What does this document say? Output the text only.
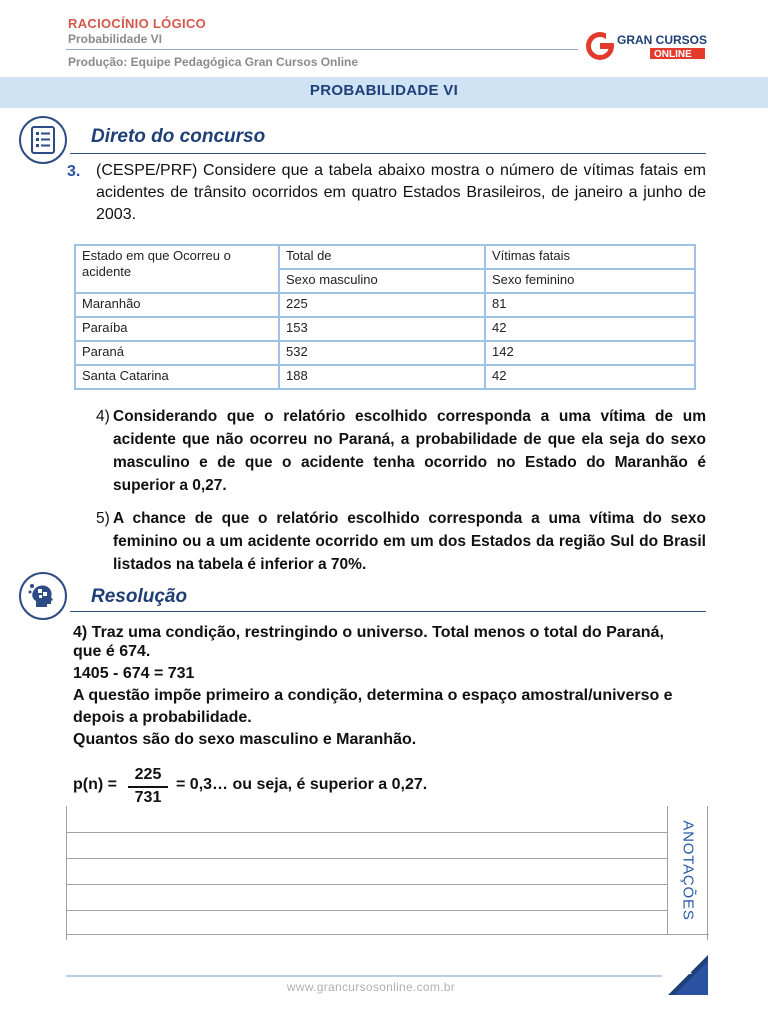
RACIOCÍNIO LÓGICO
Probabilidade VI
Produção: Equipe Pedagógica Gran Cursos Online
GRAN CURSOS
ONLINE
PROBABILIDADE VI
Direto do concurso
3. (CESPE/PRF) Considere que a tabela abaixo mostra o número de vítimas fatais em acidentes de trânsito ocorridos em quatro Estados Brasileiros, de janeiro a junho de 2003.
Estado em que Ocorreu o acidente	Total de	Vítimas fatais
	Sexo masculino	Sexo feminino
Maranhão	225	81
Paraíba	153	42
Paraná	532	142
Santa Catarina	188	42
4) Considerando que o relatório escolhido corresponda a uma vítima de um acidente que não ocorreu no Paraná, a probabilidade de que ela seja do sexo masculino e de que o acidente tenha ocorrido no Estado do Maranhão é superior a 0,27.
5) A chance de que o relatório escolhido corresponda a uma vítima do sexo feminino ou a um acidente ocorrido em um dos Estados da região Sul do Brasil listados na tabela é inferior a 70%.
Resolução
4) Traz uma condição, restringindo o universo. Total menos o total do Paraná,
que é 674.
1405 - 674 = 731
A questão impõe primeiro a condição, determina o espaço amostral/universo e
depois a probabilidade.
Quantos são do sexo masculino e Maranhão.
p(n) =
225
731
= 0,3… ou seja, é superior a 0,27.
ANOTAÇÕES
www.grancursosonline.com.br
1
